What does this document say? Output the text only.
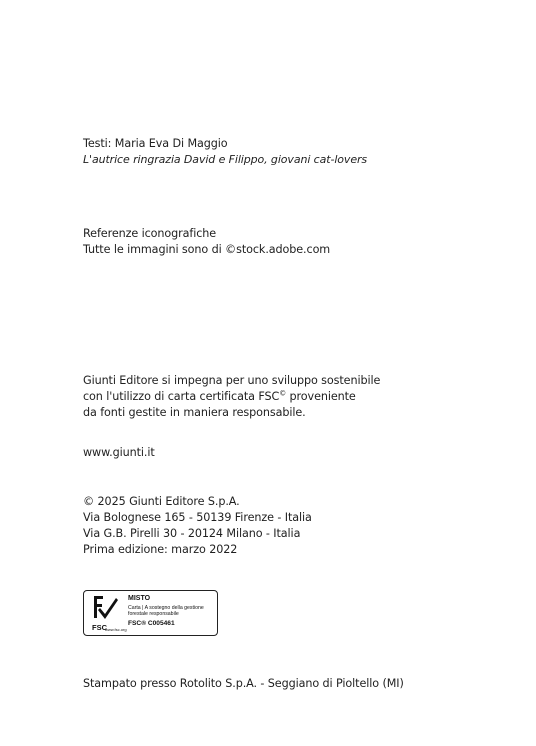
Testi: Maria Eva Di Maggio
L'autrice ringrazia David e Filippo, giovani cat-lovers
Referenze iconografiche
Tutte le immagini sono di ©stock.adobe.com
Giunti Editore si impegna per uno sviluppo sostenibile
con l'utilizzo di carta certificata FSC© proveniente
da fonti gestite in maniera responsabile.
www.giunti.it
© 2025 Giunti Editore S.p.A.
Via Bolognese 165 - 50139 Firenze - Italia
Via G.B. Pirelli 30 - 20124 Milano - Italia
Prima edizione: marzo 2022
FSC
www.fsc.org
MISTO
Carta | A sostegno della gestione forestale responsabile
FSC® C005461
Stampato presso Rotolito S.p.A. - Seggiano di Pioltello (MI)
